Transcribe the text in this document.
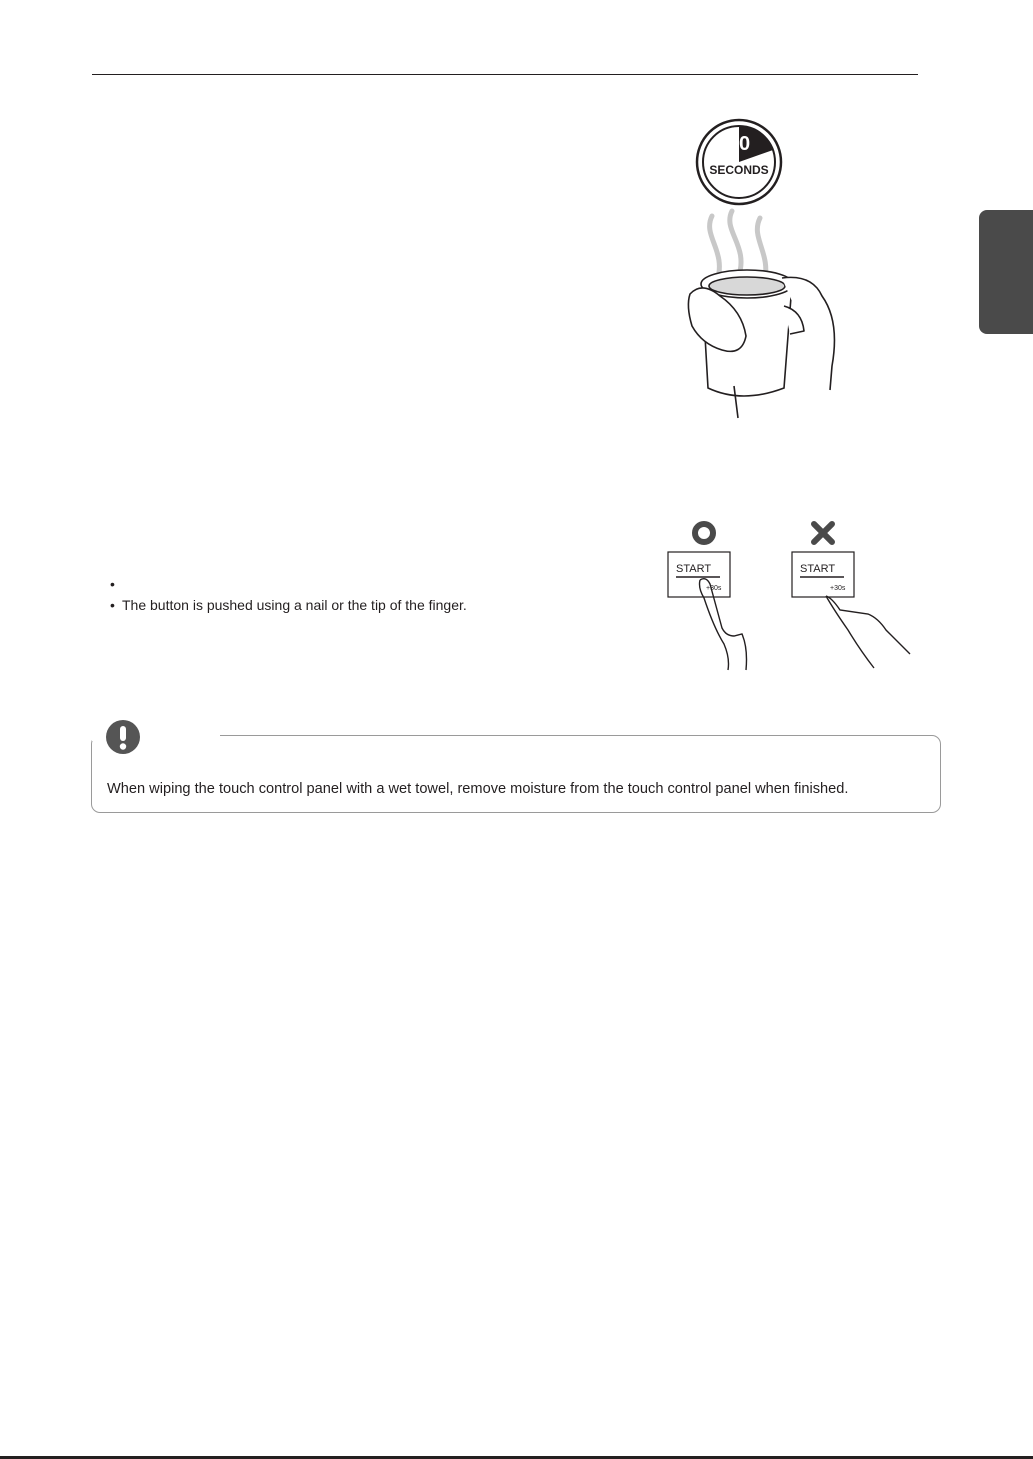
30
SECONDS
START
+30s
START
+30s
•
• The button is pushed using a nail or the tip of the finger.
When wiping the touch control panel with a wet towel, remove moisture from the touch control panel when finished.
